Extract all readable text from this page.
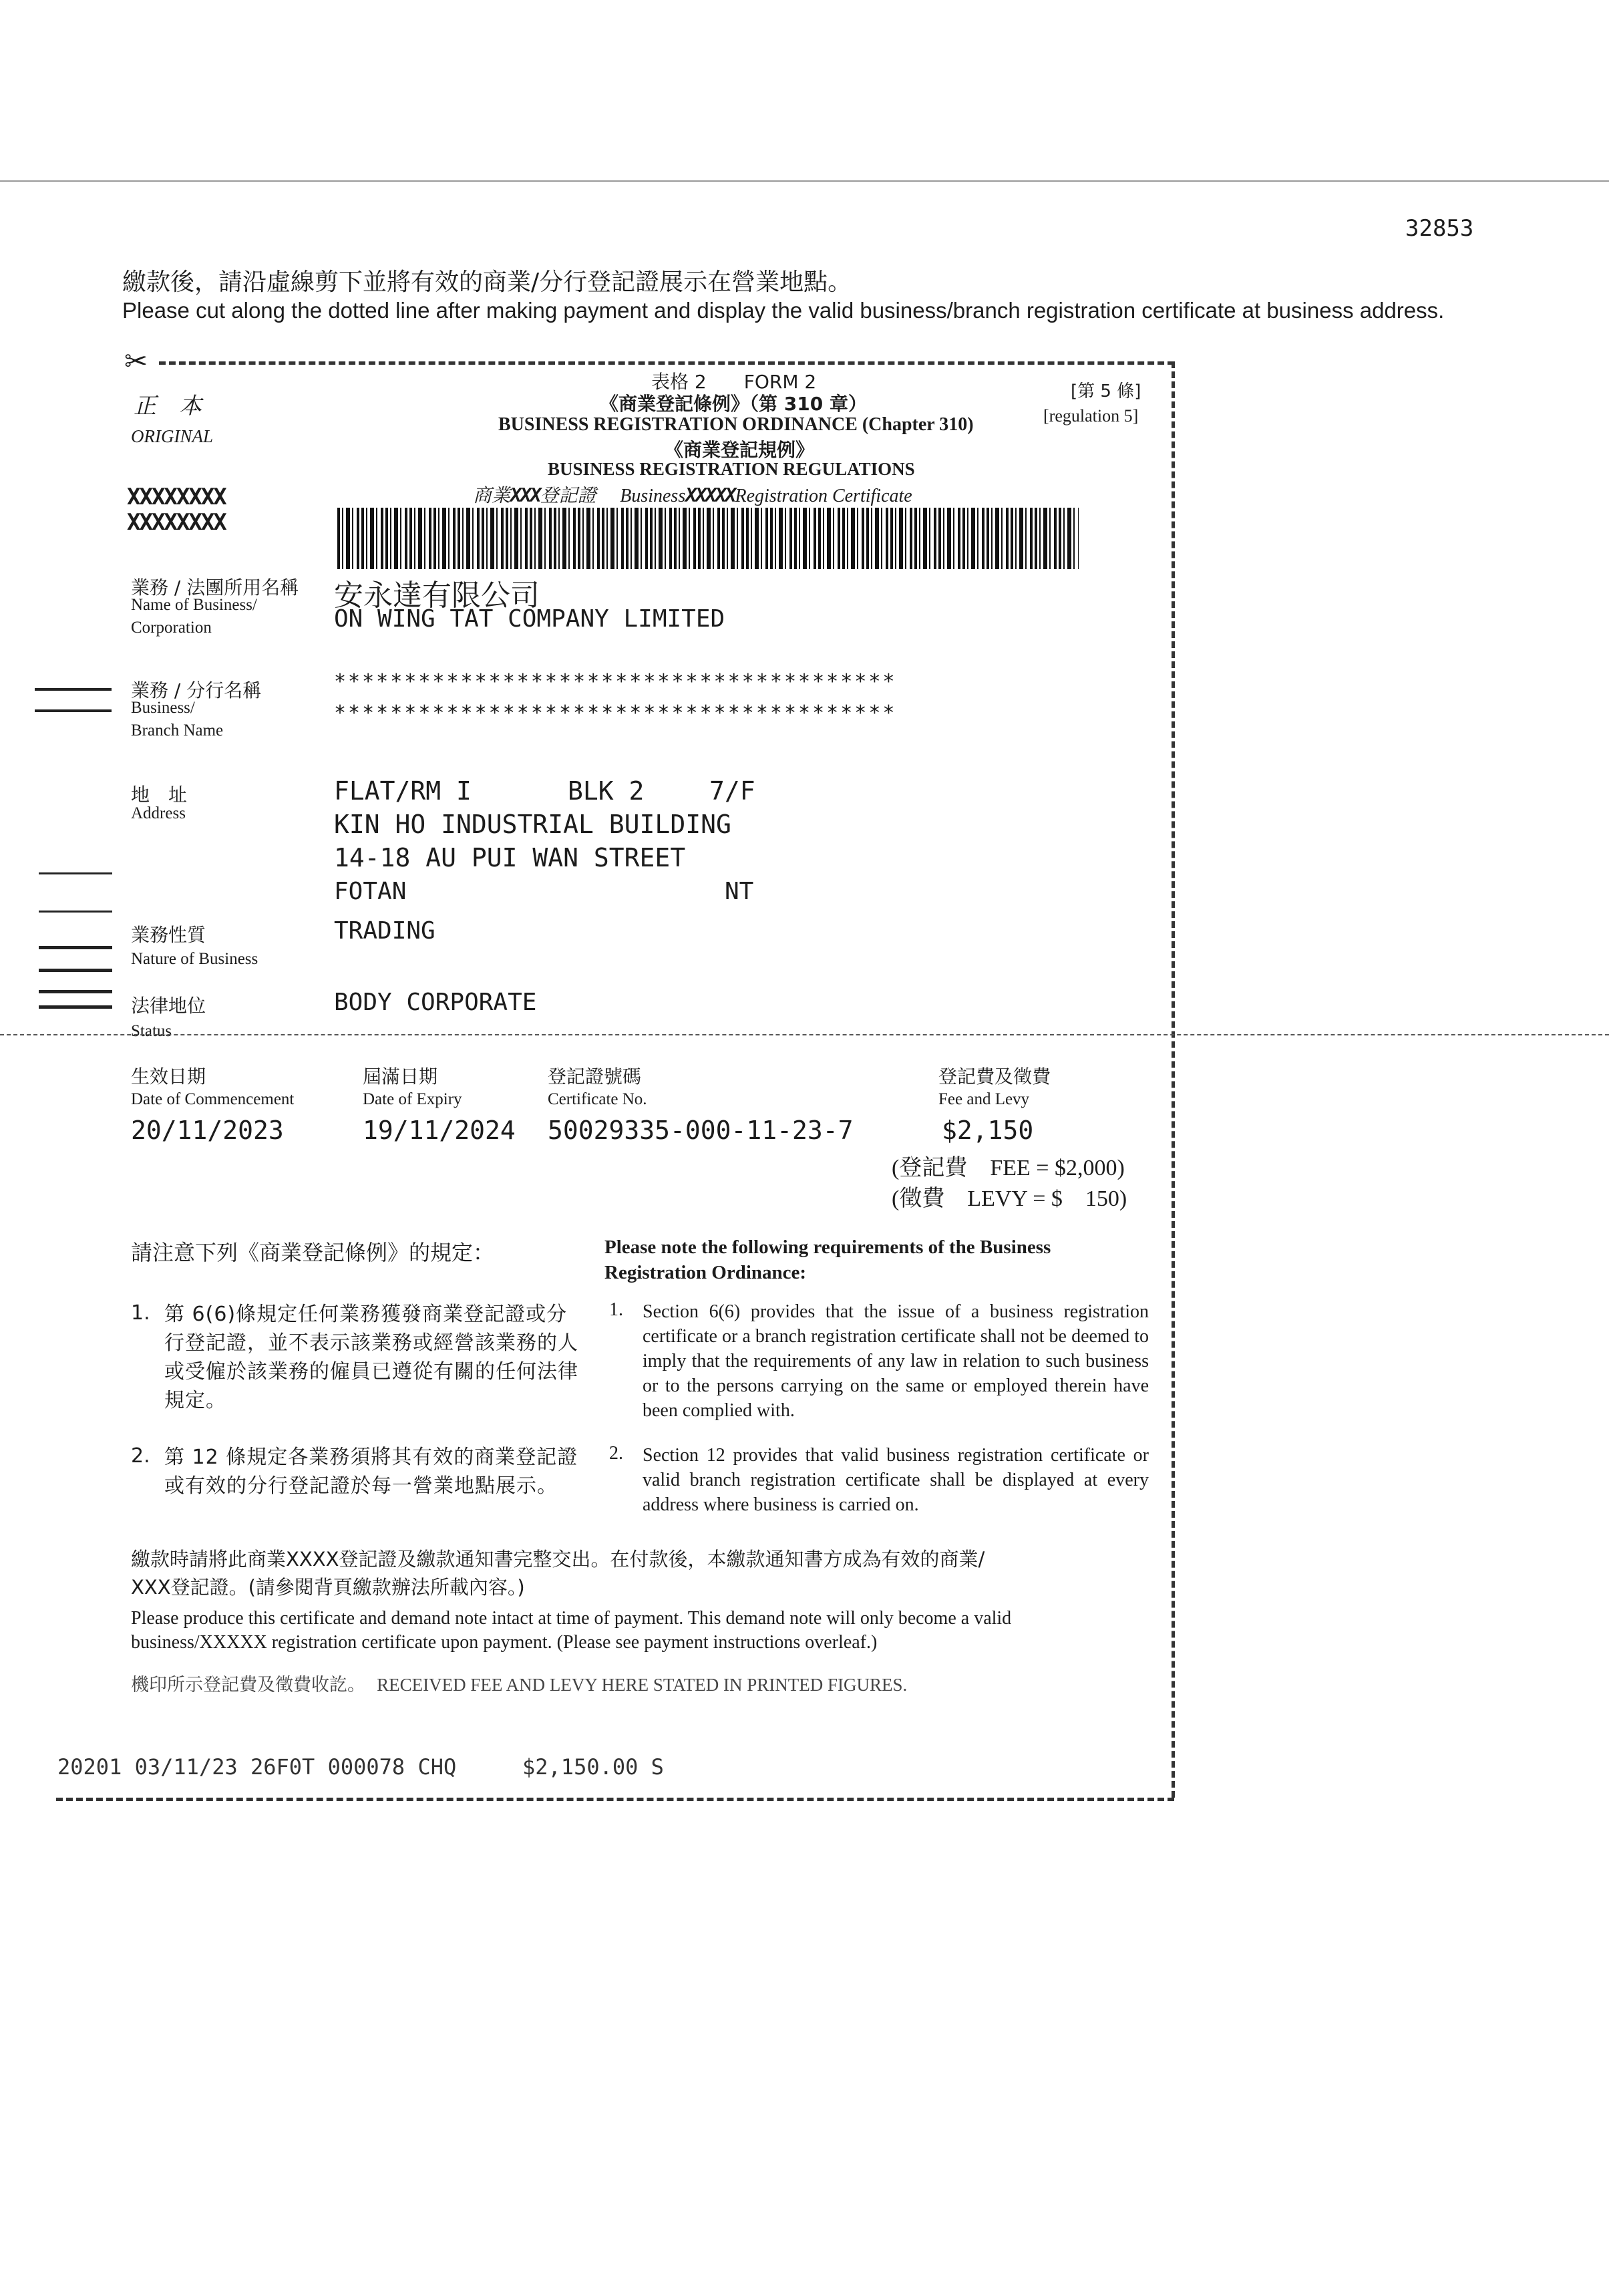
32853
繳款後，請沿虛線剪下並將有效的商業/分行登記證展示在營業地點。
Please cut along the dotted line after making payment and display the valid business/branch registration certificate at business address.
✂
正　本
ORIGINAL
XXXXXXXX
XXXXXXXX
表格 2　　FORM 2
《商業登記條例》（第 310 章）
BUSINESS REGISTRATION ORDINANCE (Chapter 310)
《商業登記規例》
BUSINESS REGISTRATION REGULATIONS
商業XXX登記證 BusinessXXXXXRegistration Certificate
[第 5 條]
[regulation 5]
業務 / 法團所用名稱
Name of Business/
Corporation
安永達有限公司
ON WING TAT COMPANY LIMITED
業務 / 分行名稱
Business/
Branch Name
****************************************
****************************************
地　址
Address
FLAT/RM I	BLK 2	7/F
KIN HO INDUSTRIAL BUILDING
14-18 AU PUI WAN STREET
FOTAN	NT
業務性質
Nature of Business
TRADING
法律地位
Status
BODY CORPORATE
生效日期
Date of Commencement
20/11/2023
屆滿日期
Date of Expiry
19/11/2024
登記證號碼
Certificate No.
50029335-000-11-23-7
登記費及徵費
Fee and Levy
$2,150
(登記費　FEE = $2,000)
(徵費　LEVY = $　150)
請注意下列《商業登記條例》的規定：	Please note the following requirements of the Business Registration Ordinance:
1. 第 6(6)條規定任何業務獲發商業登記證或分行登記證，並不表示該業務或經營該業務的人或受僱於該業務的僱員已遵從有關的任何法律規定。
1. Section 6(6) provides that the issue of a business registration certificate or a branch registration certificate shall not be deemed to imply that the requirements of any law in relation to such business or to the persons carrying on the same or employed therein have been complied with.
2. 第 12 條規定各業務須將其有效的商業登記證或有效的分行登記證於每一營業地點展示。
2. Section 12 provides that valid business registration certificate or valid branch registration certificate shall be displayed at every address where business is carried on.
繳款時請將此商業XXXX登記證及繳款通知書完整交出。在付款後，本繳款通知書方成為有效的商業/
XXX登記證。(請參閱背頁繳款辦法所載內容。)
Please produce this certificate and demand note intact at time of payment. This demand note will only become a valid
business/XXXXX registration certificate upon payment. (Please see payment instructions overleaf.)
機印所示登記費及徵費收訖。 RECEIVED FEE AND LEVY HERE STATED IN PRINTED FIGURES.
20201 03/11/23 26F0T 000078 CHQ	$2,150.00 S
